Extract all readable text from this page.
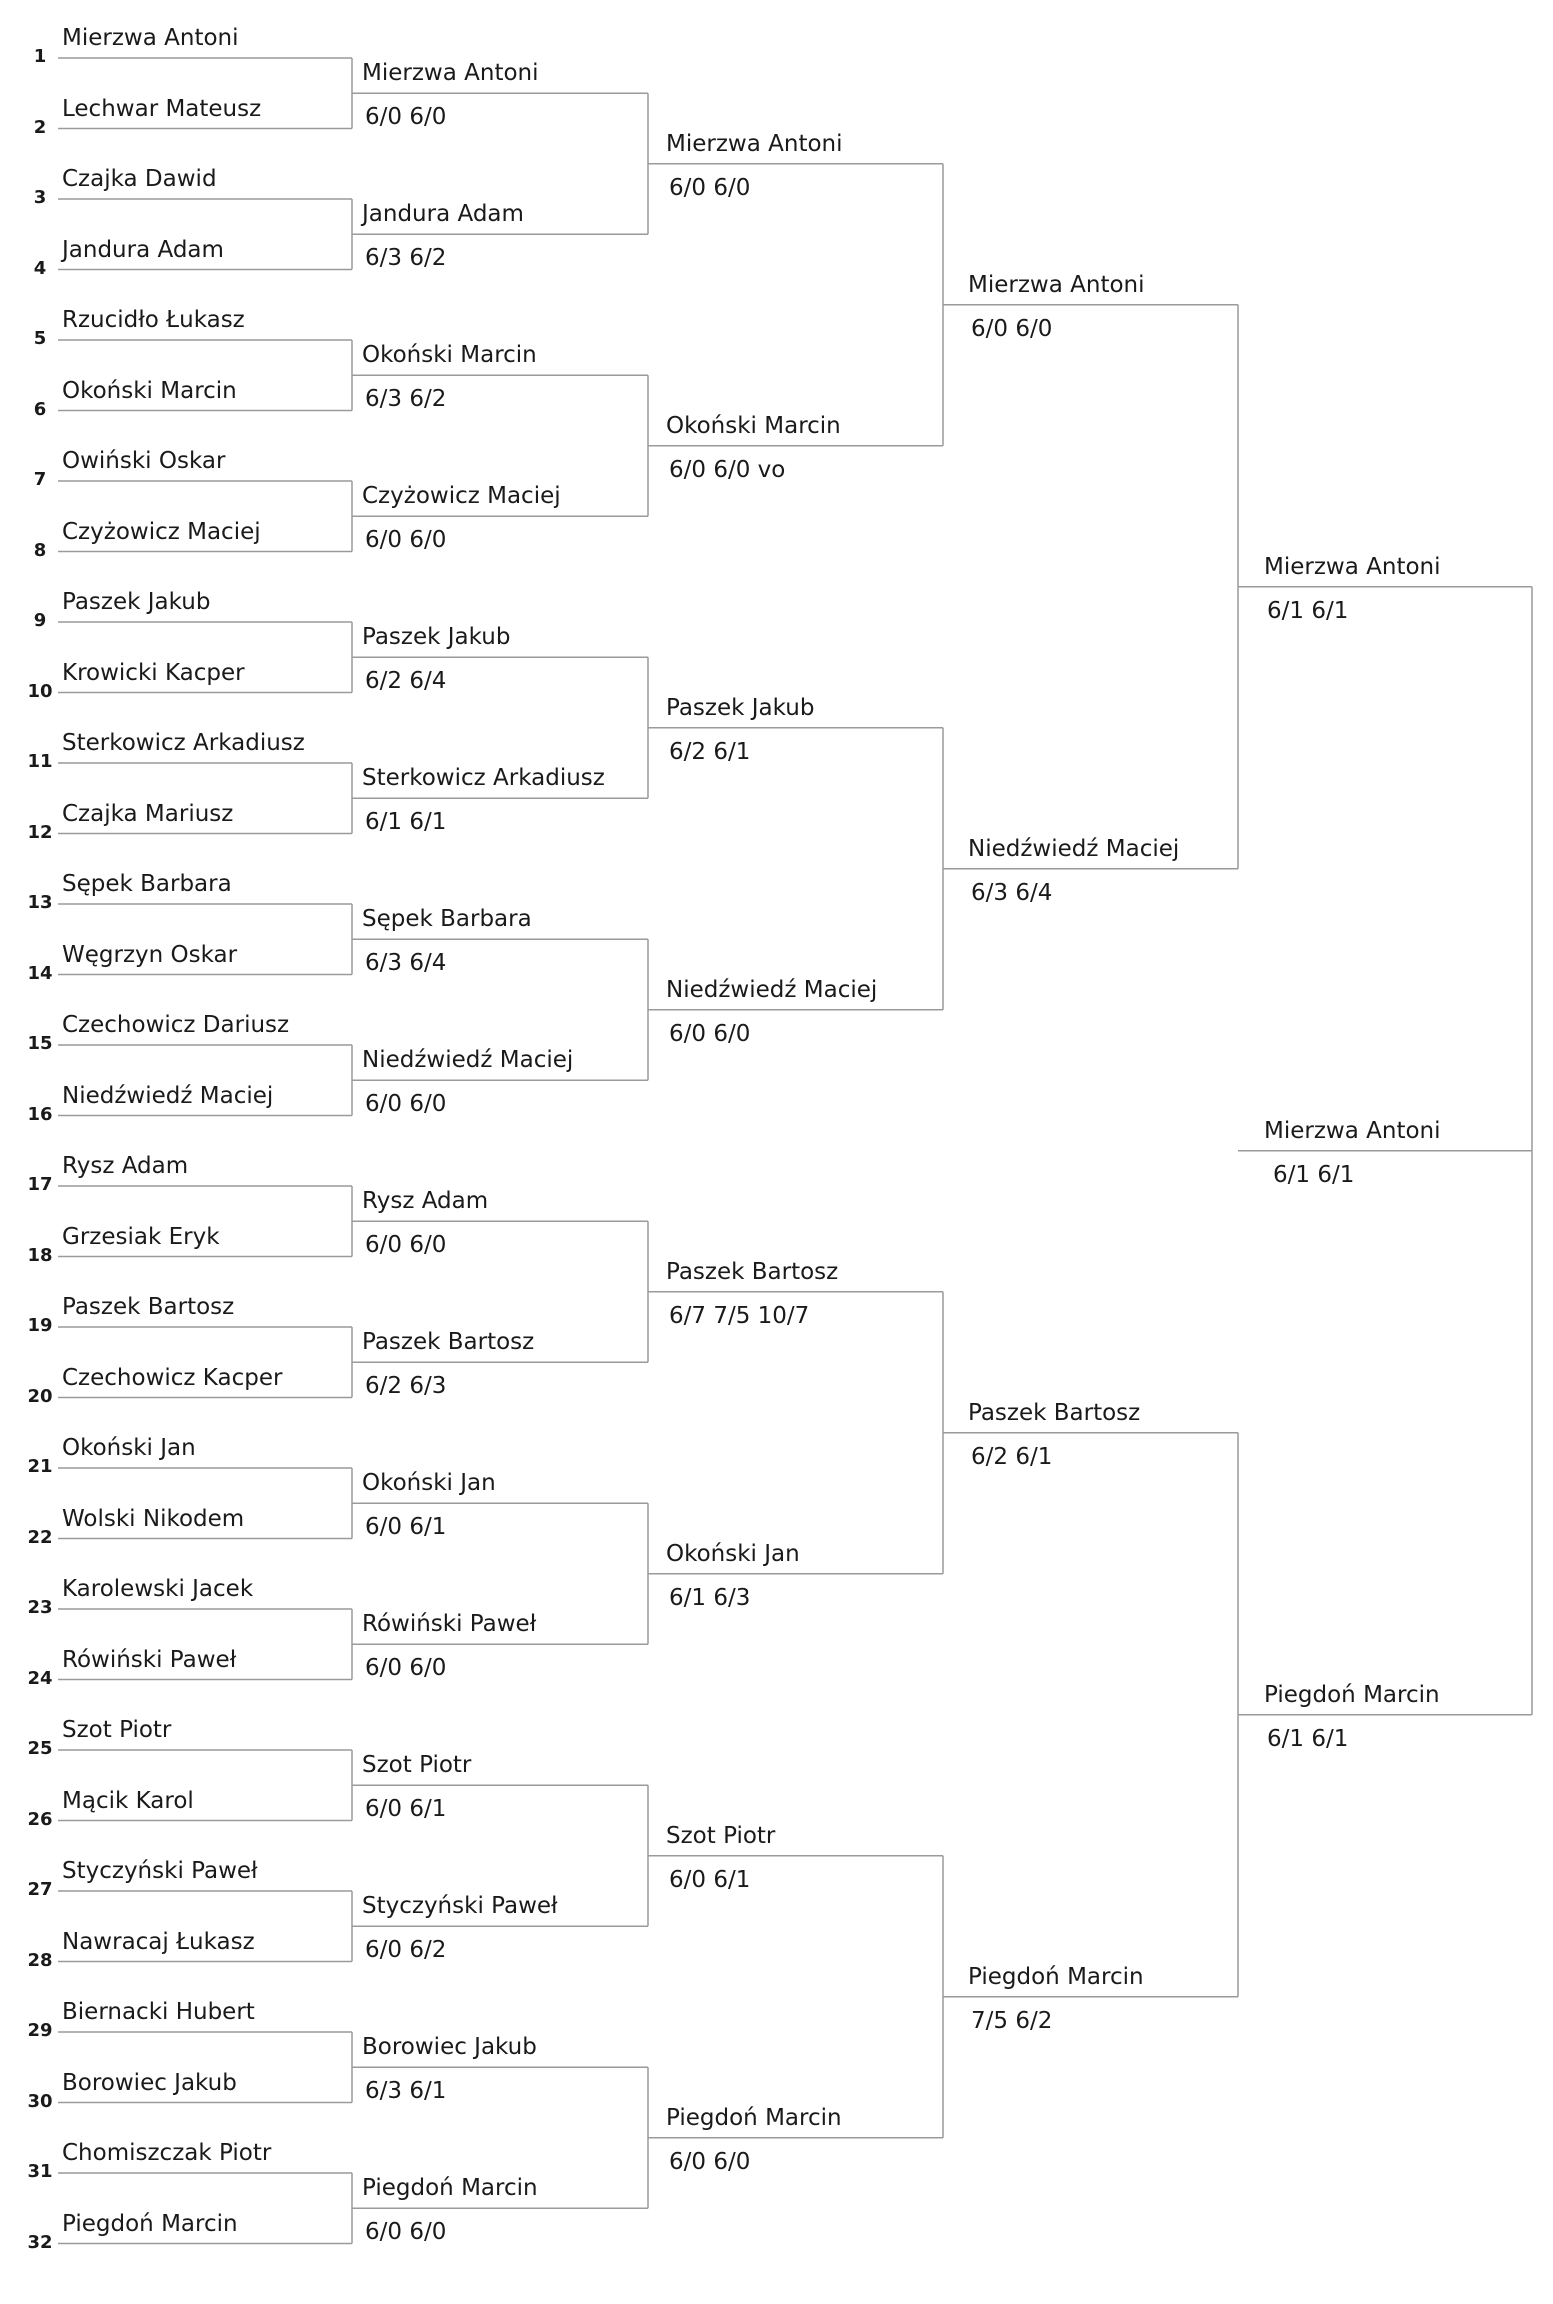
1
Mierzwa Antoni
2
Lechwar Mateusz
3
Czajka Dawid
4
Jandura Adam
5
Rzucidło Łukasz
6
Okoński Marcin
7
Owiński Oskar
8
Czyżowicz Maciej
9
Paszek Jakub
10
Krowicki Kacper
11
Sterkowicz Arkadiusz
12
Czajka Mariusz
13
Sępek Barbara
14
Węgrzyn Oskar
15
Czechowicz Dariusz
16
Niedźwiedź Maciej
17
Rysz Adam
18
Grzesiak Eryk
19
Paszek Bartosz
20
Czechowicz Kacper
21
Okoński Jan
22
Wolski Nikodem
23
Karolewski Jacek
24
Rówiński Paweł
25
Szot Piotr
26
Mącik Karol
27
Styczyński Paweł
28
Nawracaj Łukasz
29
Biernacki Hubert
30
Borowiec Jakub
31
Chomiszczak Piotr
32
Piegdoń Marcin
Mierzwa Antoni
6/0 6/0
Jandura Adam
6/3 6/2
Okoński Marcin
6/3 6/2
Czyżowicz Maciej
6/0 6/0
Paszek Jakub
6/2 6/4
Sterkowicz Arkadiusz
6/1 6/1
Sępek Barbara
6/3 6/4
Niedźwiedź Maciej
6/0 6/0
Rysz Adam
6/0 6/0
Paszek Bartosz
6/2 6/3
Okoński Jan
6/0 6/1
Rówiński Paweł
6/0 6/0
Szot Piotr
6/0 6/1
Styczyński Paweł
6/0 6/2
Borowiec Jakub
6/3 6/1
Piegdoń Marcin
6/0 6/0
Mierzwa Antoni
6/0 6/0
Okoński Marcin
6/0 6/0 vo
Paszek Jakub
6/2 6/1
Niedźwiedź Maciej
6/0 6/0
Paszek Bartosz
6/7 7/5 10/7
Okoński Jan
6/1 6/3
Szot Piotr
6/0 6/1
Piegdoń Marcin
6/0 6/0
Mierzwa Antoni
6/0 6/0
Niedźwiedź Maciej
6/3 6/4
Paszek Bartosz
6/2 6/1
Piegdoń Marcin
7/5 6/2
Mierzwa Antoni
6/1 6/1
Piegdoń Marcin
6/1 6/1
Mierzwa Antoni
6/1 6/1
